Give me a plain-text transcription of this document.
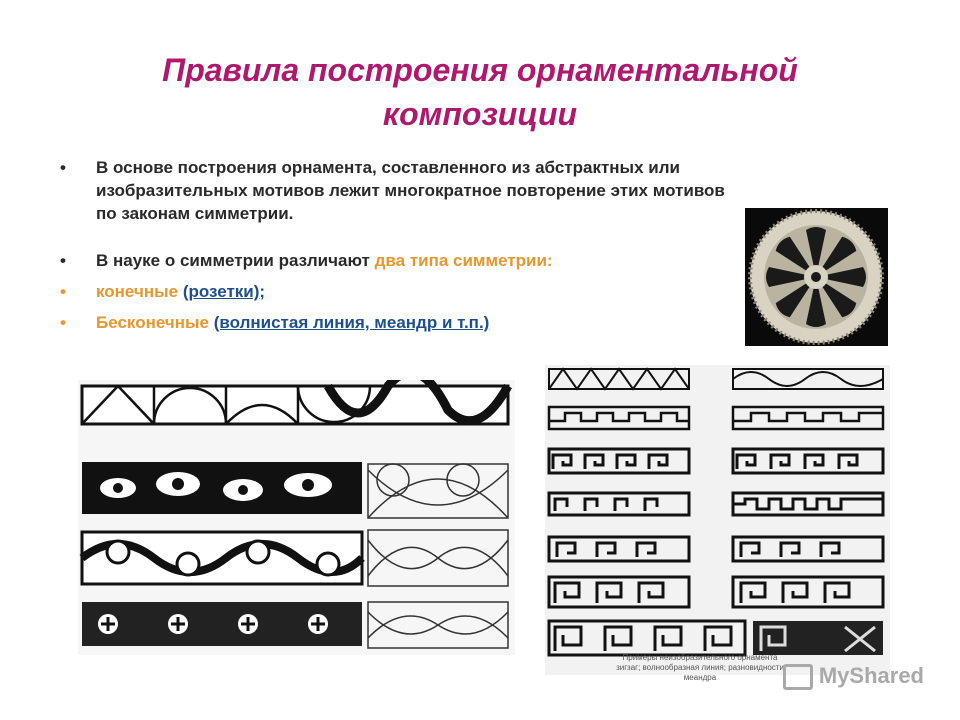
Правила построения орнаментальной
композиции
• В основе построения орнамента, составленного из абстрактных или изобразительных мотивов лежит многократное повторение этих мотивов по законам симметрии.
• В науке о симметрии различают два типа симметрии:
• конечные (розетки);
• Бесконечные (волнистая линия, меандр и т.п.)
Примеры неизобразительного орнамента
зигзаг; волнообразная линия; разновидности меандра	MyShared
